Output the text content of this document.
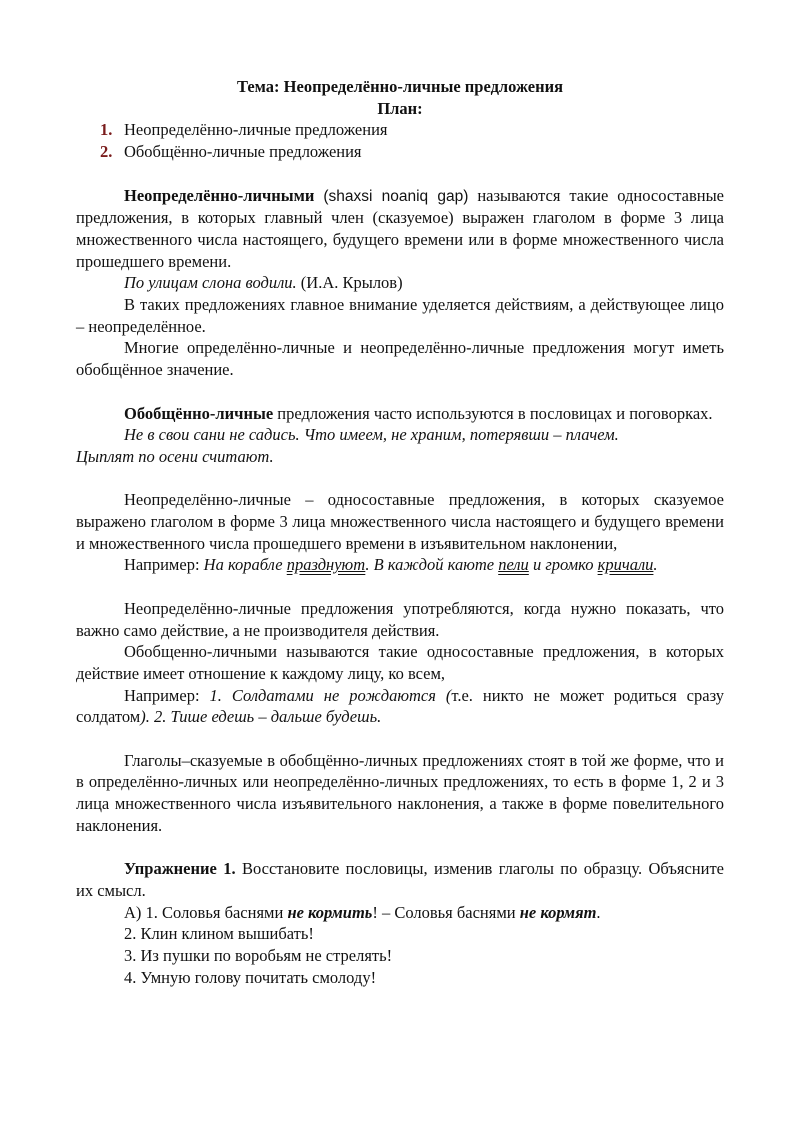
Тема: Неопределённо-личные предложения
План:
1. Неопределённо-личные предложения
2. Обобщённо-личные предложения

Неопределённо-личными (shaxsi noaniq gap) называются такие односоставные предложения, в которых главный член (сказуемое) выражен глаголом в форме 3 лица множественного числа настоящего, будущего времени или в форме множественного числа прошедшего времени.

По улицам слона водили. (И.А. Крылов)

В таких предложениях главное внимание уделяется действиям, а действующее лицо – неопределённое.

Многие определённо-личные и неопределённо-личные предложения могут иметь обобщённое значение.

Обобщённо-личные предложения часто используются в пословицах и поговорках.

Не в свои сани не садись. Что имеем, не храним, потерявши – плачем.
Цыплят по осени считают.

Неопределённо-личные – односоставные предложения, в которых сказуемое выражено глаголом в форме 3 лица множественного числа настоящего и будущего времени и множественного числа прошедшего времени в изъявительном наклонении,

Например: На корабле празднуют. В каждой каюте пели и громко кричали.

Неопределённо-личные предложения употребляются, когда нужно показать, что важно само действие, а не производителя действия.

Обобщенно-личными называются такие односоставные предложения, в которых действие имеет отношение к каждому лицу, ко всем,

Например: 1. Солдатами не рождаются (т.е. никто не может родиться сразу солдатом). 2. Тише едешь – дальше будешь.

Глаголы–сказуемые в обобщённо-личных предложениях стоят в той же форме, что и в определённо-личных или неопределённо-личных предложениях, то есть в форме 1, 2 и 3 лица множественного числа изъявительного наклонения, а также в форме повелительного наклонения.

Упражнение 1. Восстановите пословицы, изменив глаголы по образцу. Объясните их смысл.

А) 1. Соловья баснями не кормить! – Соловья баснями не кормят.

2. Клин клином вышибать!

3. Из пушки по воробьям не стрелять!

4. Умную голову почитать смолоду!
